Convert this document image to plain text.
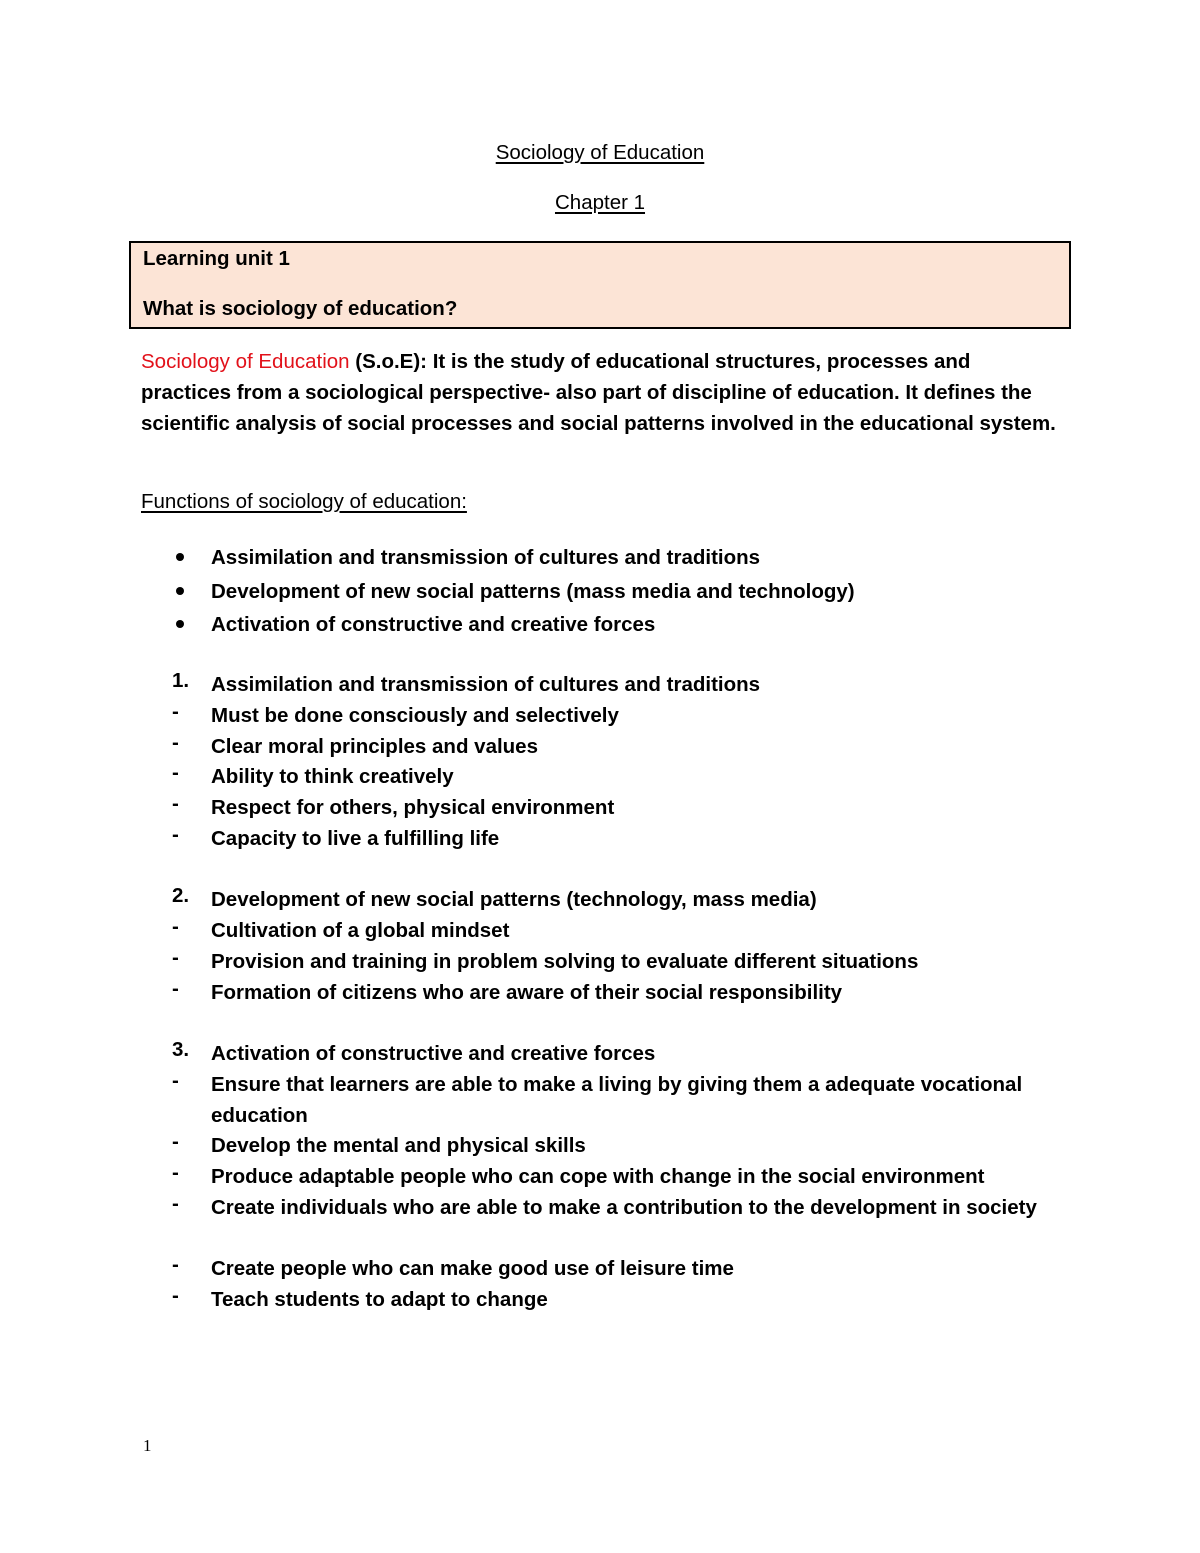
Sociology of Education
Chapter 1
Learning unit 1
What is sociology of education?

Sociology of Education (S.o.E): It is the study of educational structures, processes and practices from a sociological perspective- also part of discipline of education. It defines the scientific analysis of social processes and social patterns involved in the educational system.

Functions of sociology of education:
Assimilation and transmission of cultures and traditions
Development of new social patterns (mass media and technology)
Activation of constructive and creative forces
1. Assimilation and transmission of cultures and traditions
- Must be done consciously and selectively
- Clear moral principles and values
- Ability to think creatively
- Respect for others, physical environment
- Capacity to live a fulfilling life
2. Development of new social patterns (technology, mass media)
- Cultivation of a global mindset
- Provision and training in problem solving to evaluate different situations
- Formation of citizens who are aware of their social responsibility
3. Activation of constructive and creative forces
- Ensure that learners are able to make a living by giving them a adequate vocational education
- Develop the mental and physical skills
- Produce adaptable people who can cope with change in the social environment
- Create individuals who are able to make a contribution to the development in society
- Create people who can make good use of leisure time
- Teach students to adapt to change
1
